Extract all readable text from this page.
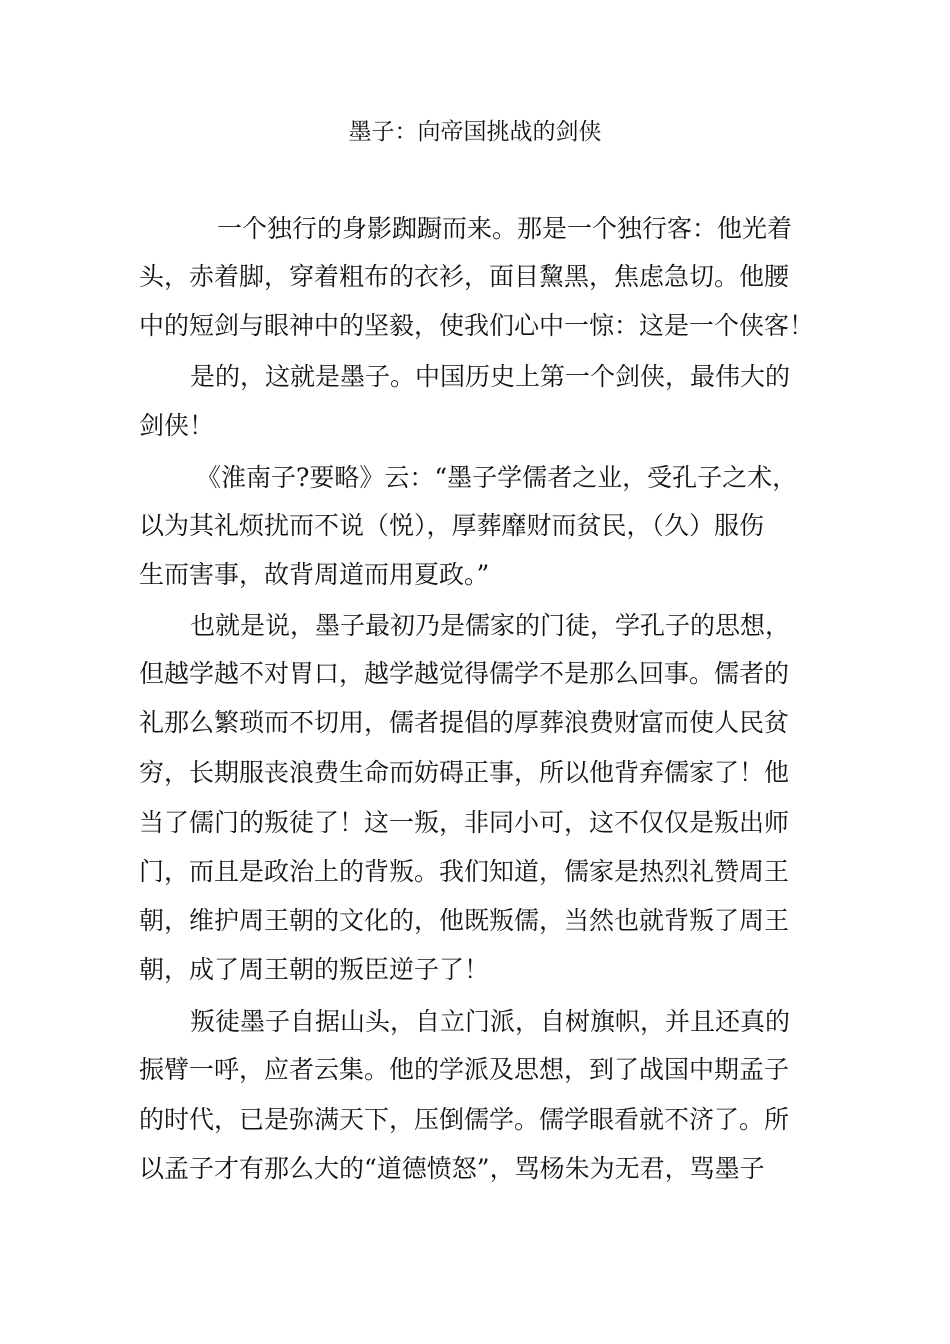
墨子：向帝国挑战的剑侠
一个独行的身影踟蹰而来。那是一个独行客：他光着
头，赤着脚，穿着粗布的衣衫，面目黧黑，焦虑急切。他腰
中的短剑与眼神中的坚毅，使我们心中一惊：这是一个侠客！
是的，这就是墨子。中国历史上第一个剑侠，最伟大的
剑侠！
《淮南子?要略》云：“墨子学儒者之业，受孔子之术，
以为其礼烦扰而不说（悦），厚葬靡财而贫民，（久）服伤
生而害事，故背周道而用夏政。”
也就是说，墨子最初乃是儒家的门徒，学孔子的思想，
但越学越不对胃口，越学越觉得儒学不是那么回事。儒者的
礼那么繁琐而不切用，儒者提倡的厚葬浪费财富而使人民贫
穷，长期服丧浪费生命而妨碍正事，所以他背弃儒家了！他
当了儒门的叛徒了！这一叛，非同小可，这不仅仅是叛出师
门，而且是政治上的背叛。我们知道，儒家是热烈礼赞周王
朝，维护周王朝的文化的，他既叛儒，当然也就背叛了周王
朝，成了周王朝的叛臣逆子了！
叛徒墨子自据山头，自立门派，自树旗帜，并且还真的
振臂一呼，应者云集。他的学派及思想，到了战国中期孟子
的时代，已是弥满天下，压倒儒学。儒学眼看就不济了。所
以孟子才有那么大的“道德愤怒”，骂杨朱为无君，骂墨子
